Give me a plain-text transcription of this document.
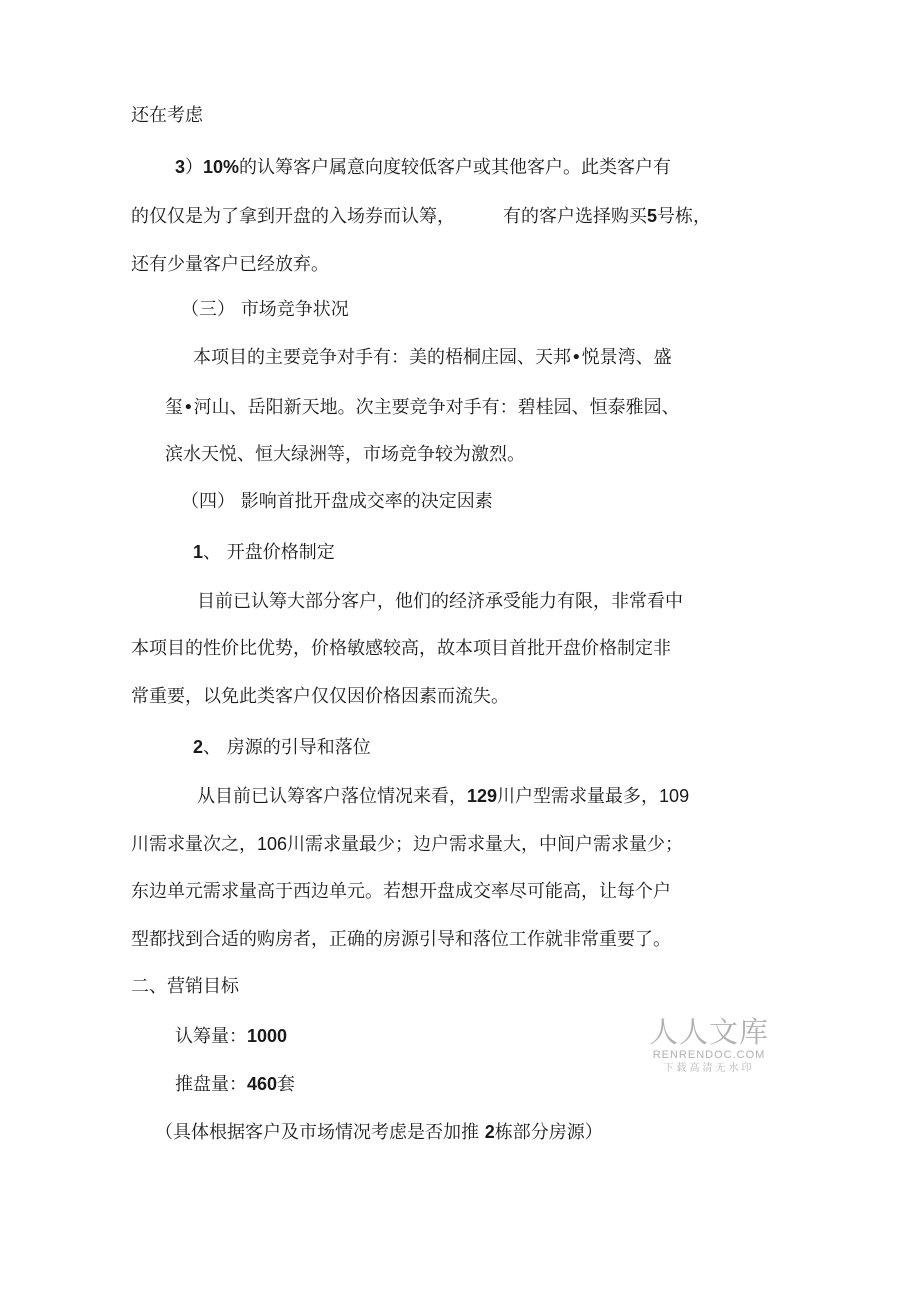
还在考虑
3）10%的认筹客户属意向度较低客户或其他客户。此类客户有
的仅仅是为了拿到开盘的入场券而认筹，	有的客户选择购买5号栋，
还有少量客户已经放弃。
（三） 市场竞争状况
本项目的主要竞争对手有：美的梧桐庄园、天邦•悦景湾、盛
玺•河山、岳阳新天地。次主要竞争对手有：碧桂园、恒泰雅园、
滨水天悦、恒大绿洲等，市场竞争较为激烈。
（四） 影响首批开盘成交率的决定因素
1、 开盘价格制定
目前已认筹大部分客户，他们的经济承受能力有限，非常看中
本项目的性价比优势，价格敏感较高，故本项目首批开盘价格制定非
常重要，以免此类客户仅仅因价格因素而流失。
2、 房源的引导和落位
从目前已认筹客户落位情况来看，129川户型需求量最多，109
川需求量次之，106川需求量最少；边户需求量大，中间户需求量少；
东边单元需求量高于西边单元。若想开盘成交率尽可能高，让每个户
型都找到合适的购房者，正确的房源引导和落位工作就非常重要了。
二、营销目标
认筹量：1000
推盘量：460套
（具体根据客户及市场情况考虑是否加推 2栋部分房源）
人人文库
RENRENDOC.COM
下载高清无水印
